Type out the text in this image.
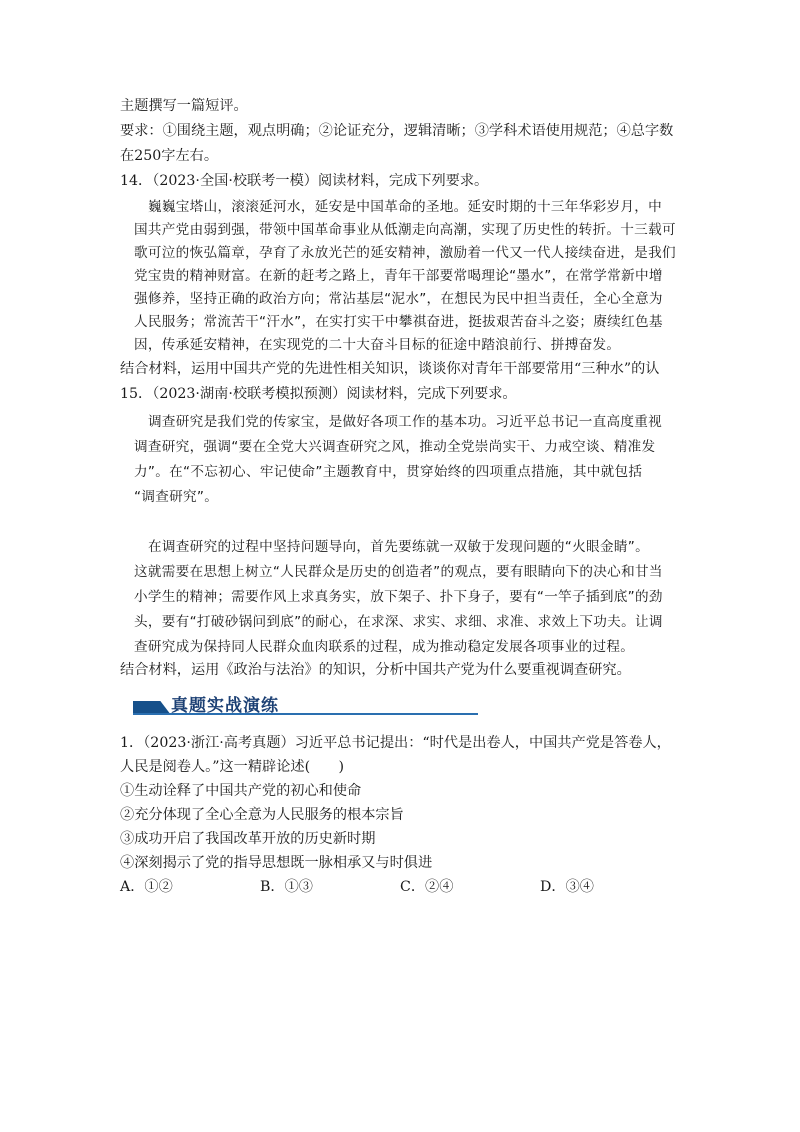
主题撰写一篇短评。
要求：①围绕主题，观点明确；②论证充分，逻辑清晰；③学科术语使用规范；④总字数
在250字左右。
14．（2023·全国·校联考一模）阅读材料，完成下列要求。
巍巍宝塔山，滚滚延河水，延安是中国革命的圣地。延安时期的十三年华彩岁月，中
国共产党由弱到强，带领中国革命事业从低潮走向高潮，实现了历史性的转折。十三载可
歌可泣的恢弘篇章，孕育了永放光芒的延安精神，激励着一代又一代人接续奋进，是我们
党宝贵的精神财富。在新的赶考之路上，青年干部要常喝理论“墨水”，在常学常新中增
强修养，坚持正确的政治方向；常沾基层“泥水”，在想民为民中担当责任，全心全意为
人民服务；常流苦干“汗水”，在实打实干中攀祺奋进，挺拔艰苦奋斗之姿；赓续红色基
因，传承延安精神，在实现党的二十大奋斗目标的征途中踏浪前行、拼搏奋发。
结合材料，运用中国共产党的先进性相关知识，谈谈你对青年干部要常用“三种水”的认
15．（2023·湖南·校联考模拟预测）阅读材料，完成下列要求。
调查研究是我们党的传家宝，是做好各项工作的基本功。习近平总书记一直高度重视
调查研究，强调“要在全党大兴调查研究之风，推动全党崇尚实干、力戒空谈、精准发
力”。在“不忘初心、牢记使命”主题教育中，贯穿始终的四项重点措施，其中就包括
“调查研究”。
在调查研究的过程中坚持问题导向，首先要练就一双敏于发现问题的“火眼金睛”。
这就需要在思想上树立“人民群众是历史的创造者”的观点，要有眼睛向下的决心和甘当
小学生的精神；需要作风上求真务实，放下架子、扑下身子，要有“一竿子插到底”的劲
头，要有“打破砂锅问到底”的耐心，在求深、求实、求细、求准、求效上下功夫。让调
查研究成为保持同人民群众血肉联系的过程，成为推动稳定发展各项事业的过程。
结合材料，运用《政治与法治》的知识，分析中国共产党为什么要重视调查研究。
真题实战演练
1．（2023·浙江·高考真题）习近平总书记提出：“时代是出卷人，中国共产党是答卷人，
人民是阅卷人。”这一精辟论述(　　)
①生动诠释了中国共产党的初心和使命
②充分体现了全心全意为人民服务的根本宗旨
③成功开启了我国改革开放的历史新时期
④深刻揭示了党的指导思想既一脉相承又与时俱进
A．①②	B．①③	C．②④	D．③④
